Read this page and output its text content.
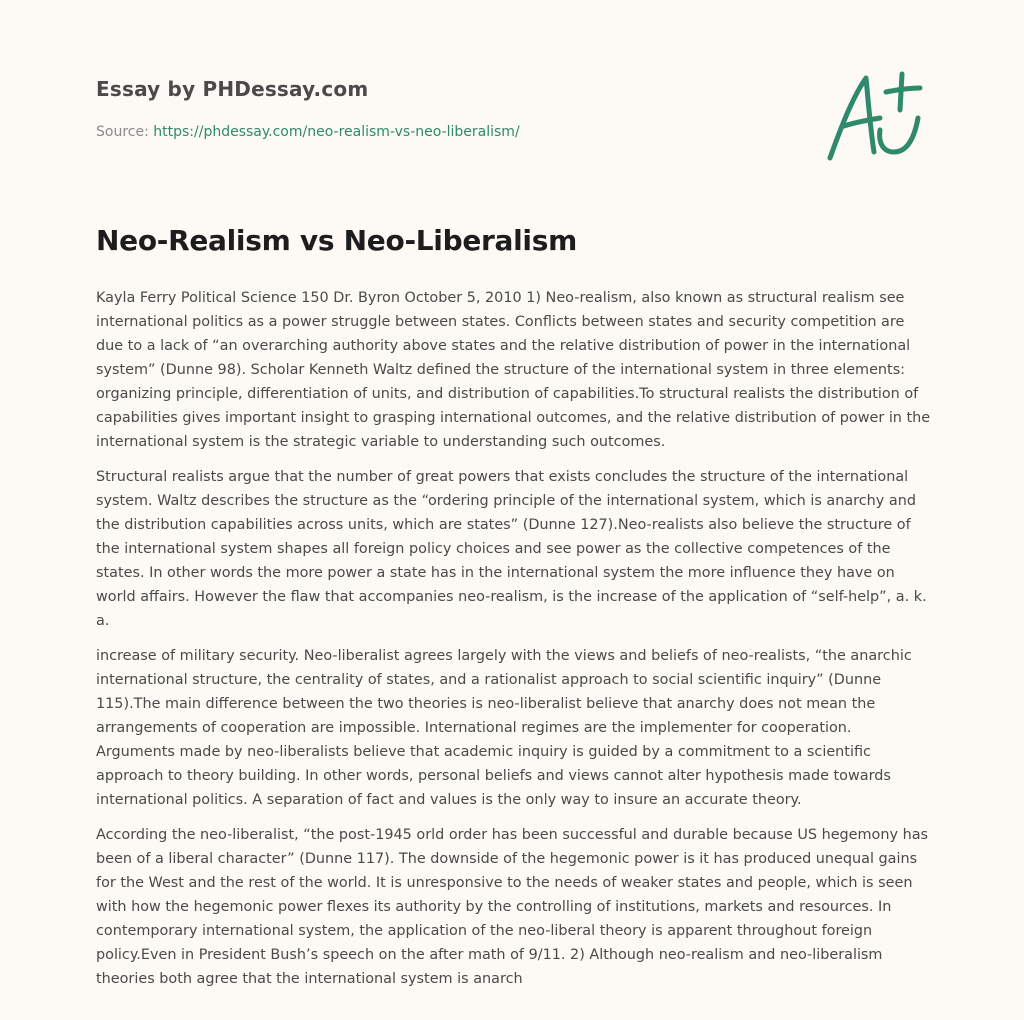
Essay by PHDessay.com
Source: https://phdessay.com/neo-realism-vs-neo-liberalism/
Neo-Realism vs Neo-Liberalism

Kayla Ferry Political Science 150 Dr. Byron October 5, 2010 1) Neo-realism, also known as structural realism see international politics as a power struggle between states. Conflicts between states and security competition are due to a lack of “an overarching authority above states and the relative distribution of power in the international system” (Dunne 98). Scholar Kenneth Waltz defined the structure of the international system in three elements: organizing principle, differentiation of units, and distribution of capabilities.To structural realists the distribution of capabilities gives important insight to grasping international outcomes, and the relative distribution of power in the international system is the strategic variable to understanding such outcomes.

Structural realists argue that the number of great powers that exists concludes the structure of the international system. Waltz describes the structure as the “ordering principle of the international system, which is anarchy and the distribution capabilities across units, which are states” (Dunne 127).Neo-realists also believe the structure of the international system shapes all foreign policy choices and see power as the collective competences of the states. In other words the more power a state has in the international system the more influence they have on world affairs. However the flaw that accompanies neo-realism, is the increase of the application of “self-help”, a. k. a.

increase of military security. Neo-liberalist agrees largely with the views and beliefs of neo-realists, “the anarchic international structure, the centrality of states, and a rationalist approach to social scientific inquiry” (Dunne 115).The main difference between the two theories is neo-liberalist believe that anarchy does not mean the arrangements of cooperation are impossible. International regimes are the implementer for cooperation. Arguments made by neo-liberalists believe that academic inquiry is guided by a commitment to a scientific approach to theory building. In other words, personal beliefs and views cannot alter hypothesis made towards international politics. A separation of fact and values is the only way to insure an accurate theory.

According the neo-liberalist, “the post-1945 orld order has been successful and durable because US hegemony has been of a liberal character” (Dunne 117). The downside of the hegemonic power is it has produced unequal gains for the West and the rest of the world. It is unresponsive to the needs of weaker states and people, which is seen with how the hegemonic power flexes its authority by the controlling of institutions, markets and resources. In contemporary international system, the application of the neo-liberal theory is apparent throughout foreign policy.Even in President Bush’s speech on the after math of 9/11. 2) Although neo-realism and neo-liberalism theories both agree that the international system is anarch
